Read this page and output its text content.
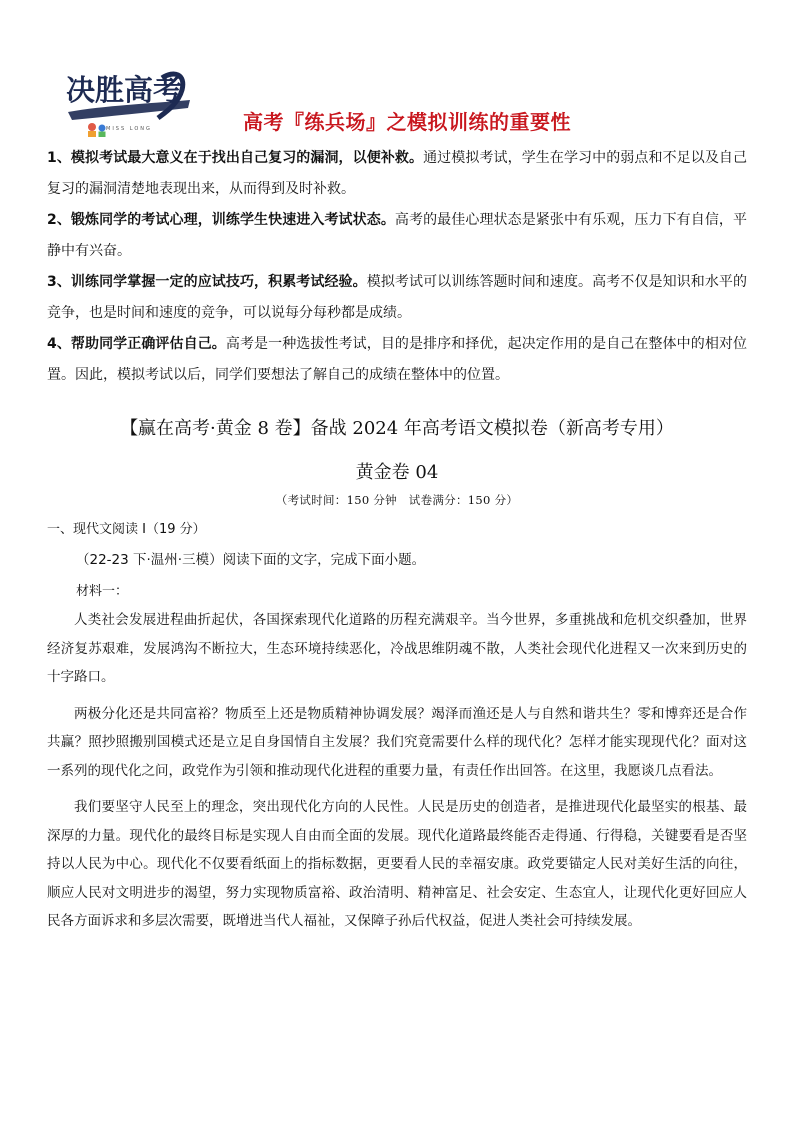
决胜高考
MISS LONG	高考『练兵场』之模拟训练的重要性

1、模拟考试最大意义在于找出自己复习的漏洞，以便补救。通过模拟考试，学生在学习中的弱点和不足以及自己复习的漏洞清楚地表现出来，从而得到及时补救。

2、锻炼同学的考试心理，训练学生快速进入考试状态。高考的最佳心理状态是紧张中有乐观，压力下有自信，平静中有兴奋。

3、训练同学掌握一定的应试技巧，积累考试经验。模拟考试可以训练答题时间和速度。高考不仅是知识和水平的竞争，也是时间和速度的竞争，可以说每分每秒都是成绩。

4、帮助同学正确评估自己。高考是一种选拔性考试，目的是排序和择优，起决定作用的是自己在整体中的相对位置。因此，模拟考试以后，同学们要想法了解自己的成绩在整体中的位置。

【赢在高考·黄金 8 卷】备战 2024 年高考语文模拟卷（新高考专用）
黄金卷 04
（考试时间：150 分钟　试卷满分：150 分）
一、现代文阅读 I（19 分）
（22-23 下·温州·三模）阅读下面的文字，完成下面小题。
材料一：

人类社会发展进程曲折起伏，各国探索现代化道路的历程充满艰辛。当今世界，多重挑战和危机交织叠加，世界经济复苏艰难，发展鸿沟不断拉大，生态环境持续恶化，冷战思维阴魂不散，人类社会现代化进程又一次来到历史的十字路口。

两极分化还是共同富裕？物质至上还是物质精神协调发展？竭泽而渔还是人与自然和谐共生？零和博弈还是合作共赢？照抄照搬别国模式还是立足自身国情自主发展？我们究竟需要什么样的现代化？怎样才能实现现代化？面对这一系列的现代化之问，政党作为引领和推动现代化进程的重要力量，有责任作出回答。在这里，我愿谈几点看法。

我们要坚守人民至上的理念，突出现代化方向的人民性。人民是历史的创造者，是推进现代化最坚实的根基、最深厚的力量。现代化的最终目标是实现人自由而全面的发展。现代化道路最终能否走得通、行得稳，关键要看是否坚持以人民为中心。现代化不仅要看纸面上的指标数据，更要看人民的幸福安康。政党要锚定人民对美好生活的向往，顺应人民对文明进步的渴望，努力实现物质富裕、政治清明、精神富足、社会安定、生态宜人，让现代化更好回应人民各方面诉求和多层次需要，既增进当代人福祉，又保障子孙后代权益，促进人类社会可持续发展。
